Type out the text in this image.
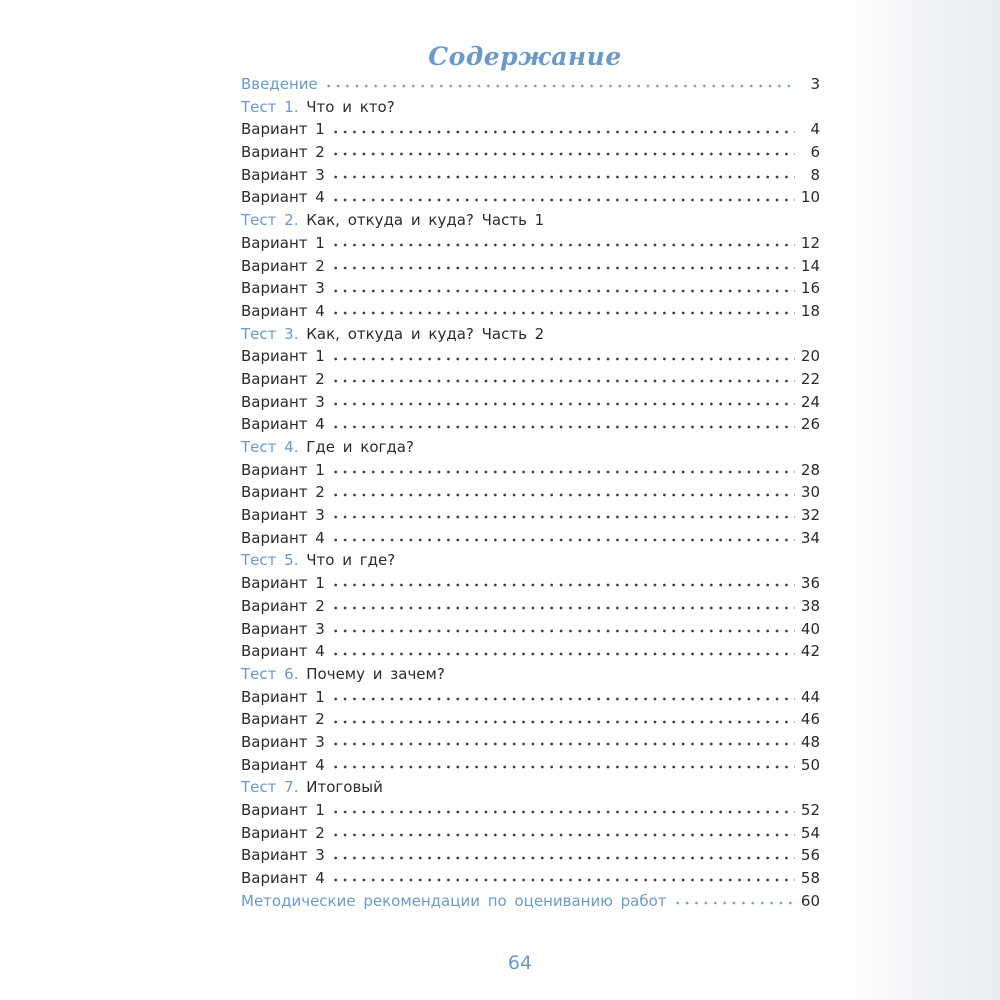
Содержание
Введение	3
Тест 1. Что и кто?
Вариант 1	4
Вариант 2	6
Вариант 3	8
Вариант 4	10
Тест 2. Как, откуда и куда? Часть 1
Вариант 1	12
Вариант 2	14
Вариант 3	16
Вариант 4	18
Тест 3. Как, откуда и куда? Часть 2
Вариант 1	20
Вариант 2	22
Вариант 3	24
Вариант 4	26
Тест 4. Где и когда?
Вариант 1	28
Вариант 2	30
Вариант 3	32
Вариант 4	34
Тест 5. Что и где?
Вариант 1	36
Вариант 2	38
Вариант 3	40
Вариант 4	42
Тест 6. Почему и зачем?
Вариант 1	44
Вариант 2	46
Вариант 3	48
Вариант 4	50
Тест 7. Итоговый
Вариант 1	52
Вариант 2	54
Вариант 3	56
Вариант 4	58
Методические рекомендации по оцениванию работ	60
64
